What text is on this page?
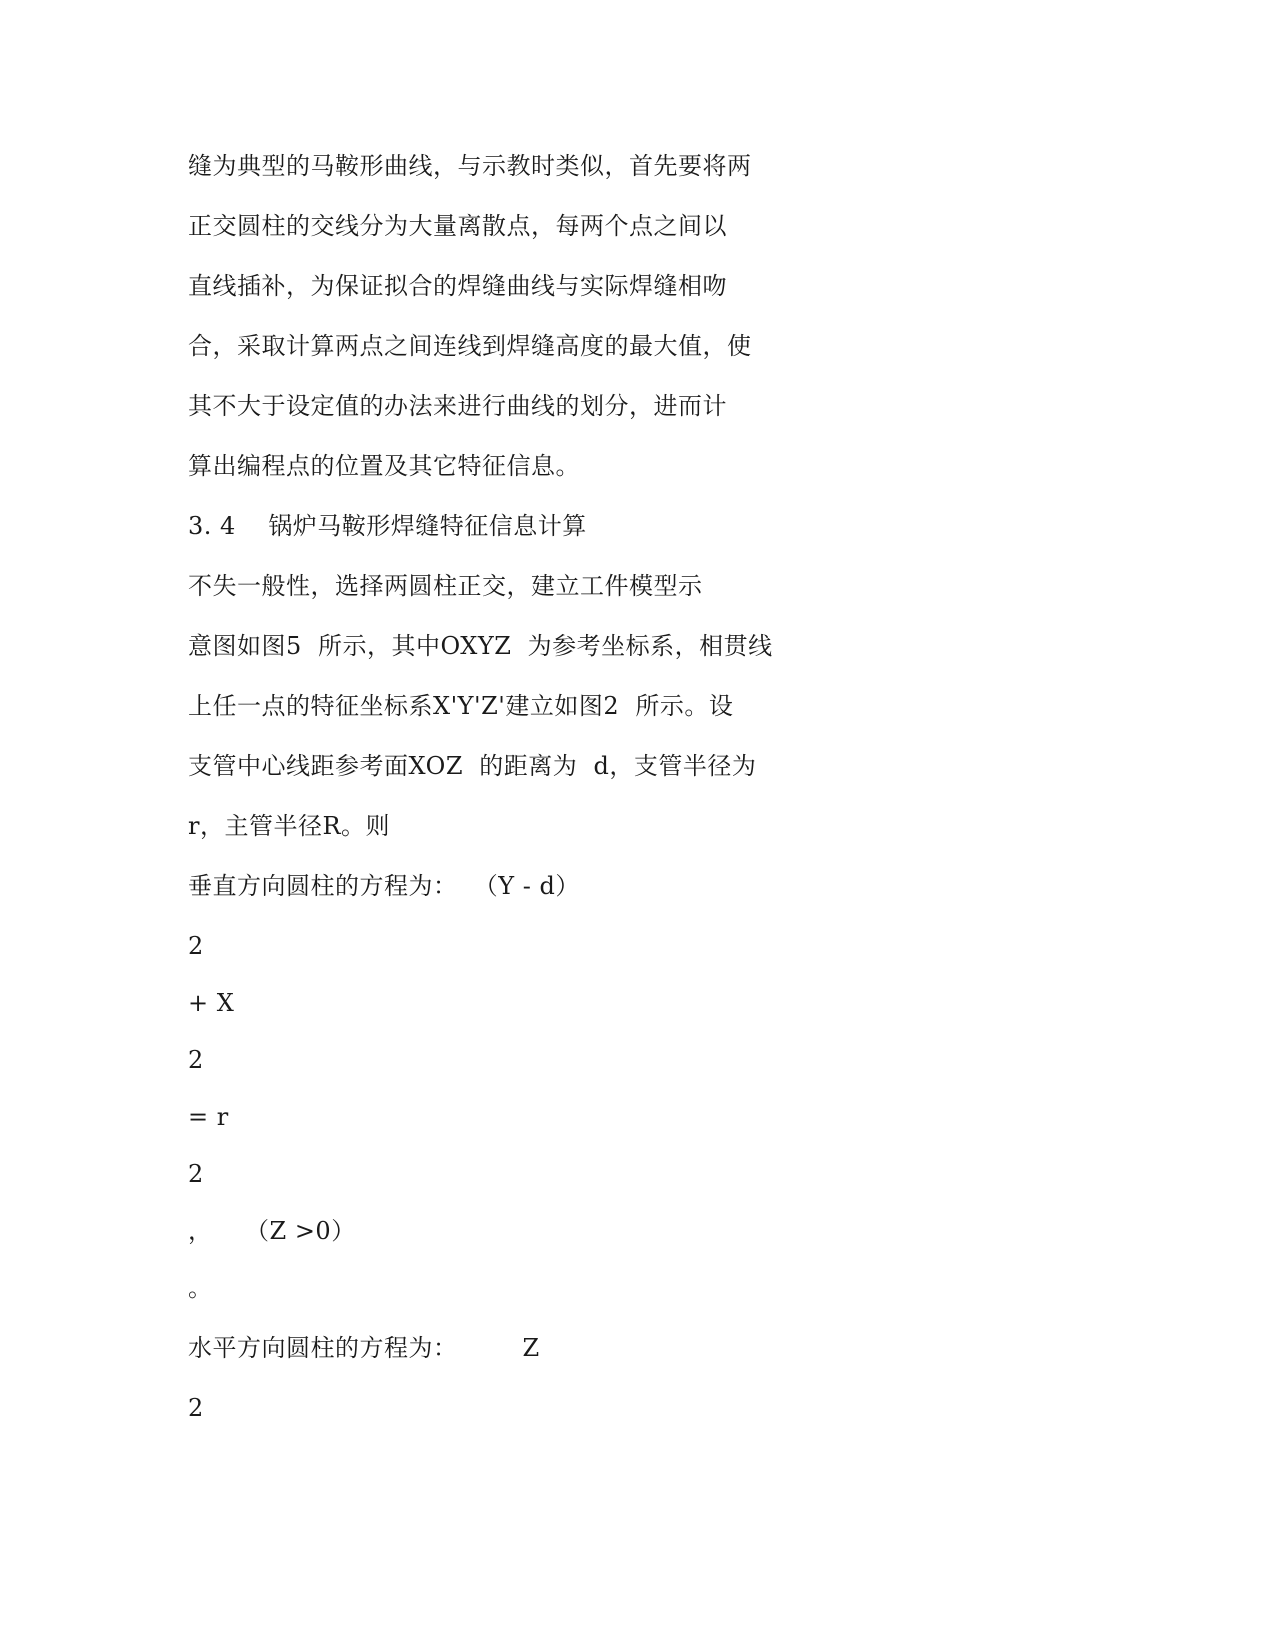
缝为典型的马鞍形曲线，与示教时类似，首先要将两
正交圆柱的交线分为大量离散点，每两个点之间以
直线插补，为保证拟合的焊缝曲线与实际焊缝相吻
合，采取计算两点之间连线到焊缝高度的最大值，使
其不大于设定值的办法来进行曲线的划分，进而计
算出编程点的位置及其它特征信息。
3. 4    锅炉马鞍形焊缝特征信息计算
不失一般性，选择两圆柱正交，建立工件模型示
意图如图5  所示，其中OXYZ  为参考坐标系，相贯线
上任一点的特征坐标系X'Y'Z'建立如图2  所示。设
支管中心线距参考面XOZ  的距离为  d，支管半径为
r，主管半径R。则
垂直方向圆柱的方程为：  （Y - d）
2
+ X
2
= r
2
，    （Z >0）
。
水平方向圆柱的方程为：        Z
2
